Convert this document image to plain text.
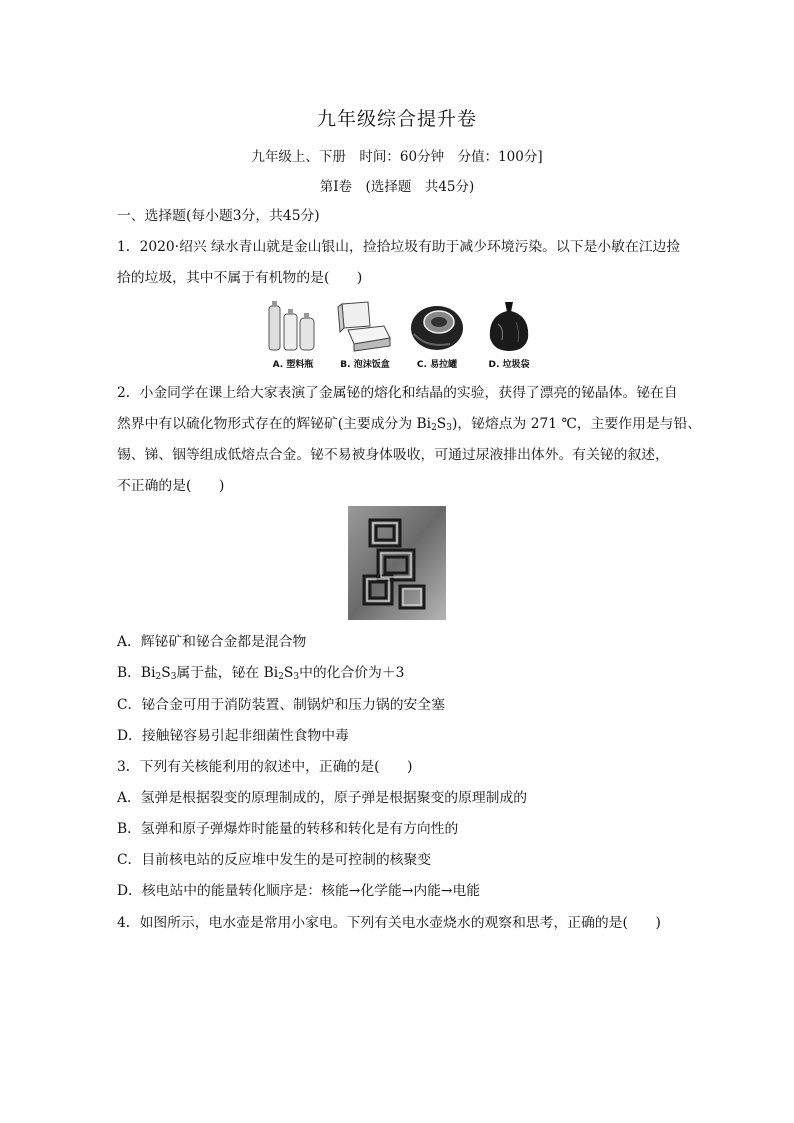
九年级综合提升卷
九年级上、下册　时间：60分钟　分值：100分]
第Ⅰ卷　(选择题　共45分)
一、选择题(每小题3分，共45分)
1．2020·绍兴 绿水青山就是金山银山，捡拾垃圾有助于减少环境污染。以下是小敏在江边捡
拾的垃圾，其中不属于有机物的是(　　)
A. 塑料瓶	B. 泡沫饭盒	C. 易拉罐	D. 垃圾袋
2．小金同学在课上给大家表演了金属铋的熔化和结晶的实验，获得了漂亮的铋晶体。铋在自
然界中有以硫化物形式存在的辉铋矿(主要成分为 $Bi_2S_3$)，铋熔点为 271 ℃，主要作用是与铅、
锡、锑、铟等组成低熔点合金。铋不易被身体吸收，可通过尿液排出体外。有关铋的叙述，
不正确的是(　　)
A．辉铋矿和铋合金都是混合物
B．$Bi_2S_3$属于盐，铋在 $Bi_2S_3$中的化合价为＋3
C．铋合金可用于消防装置、制锅炉和压力锅的安全塞
D．接触铋容易引起非细菌性食物中毒
3．下列有关核能利用的叙述中，正确的是(　　)
A．氢弹是根据裂变的原理制成的，原子弹是根据聚变的原理制成的
B．氢弹和原子弹爆炸时能量的转移和转化是有方向性的
C．目前核电站的反应堆中发生的是可控制的核聚变
D．核电站中的能量转化顺序是：核能→化学能→内能→电能
4．如图所示，电水壶是常用小家电。下列有关电水壶烧水的观察和思考，正确的是(　　)
